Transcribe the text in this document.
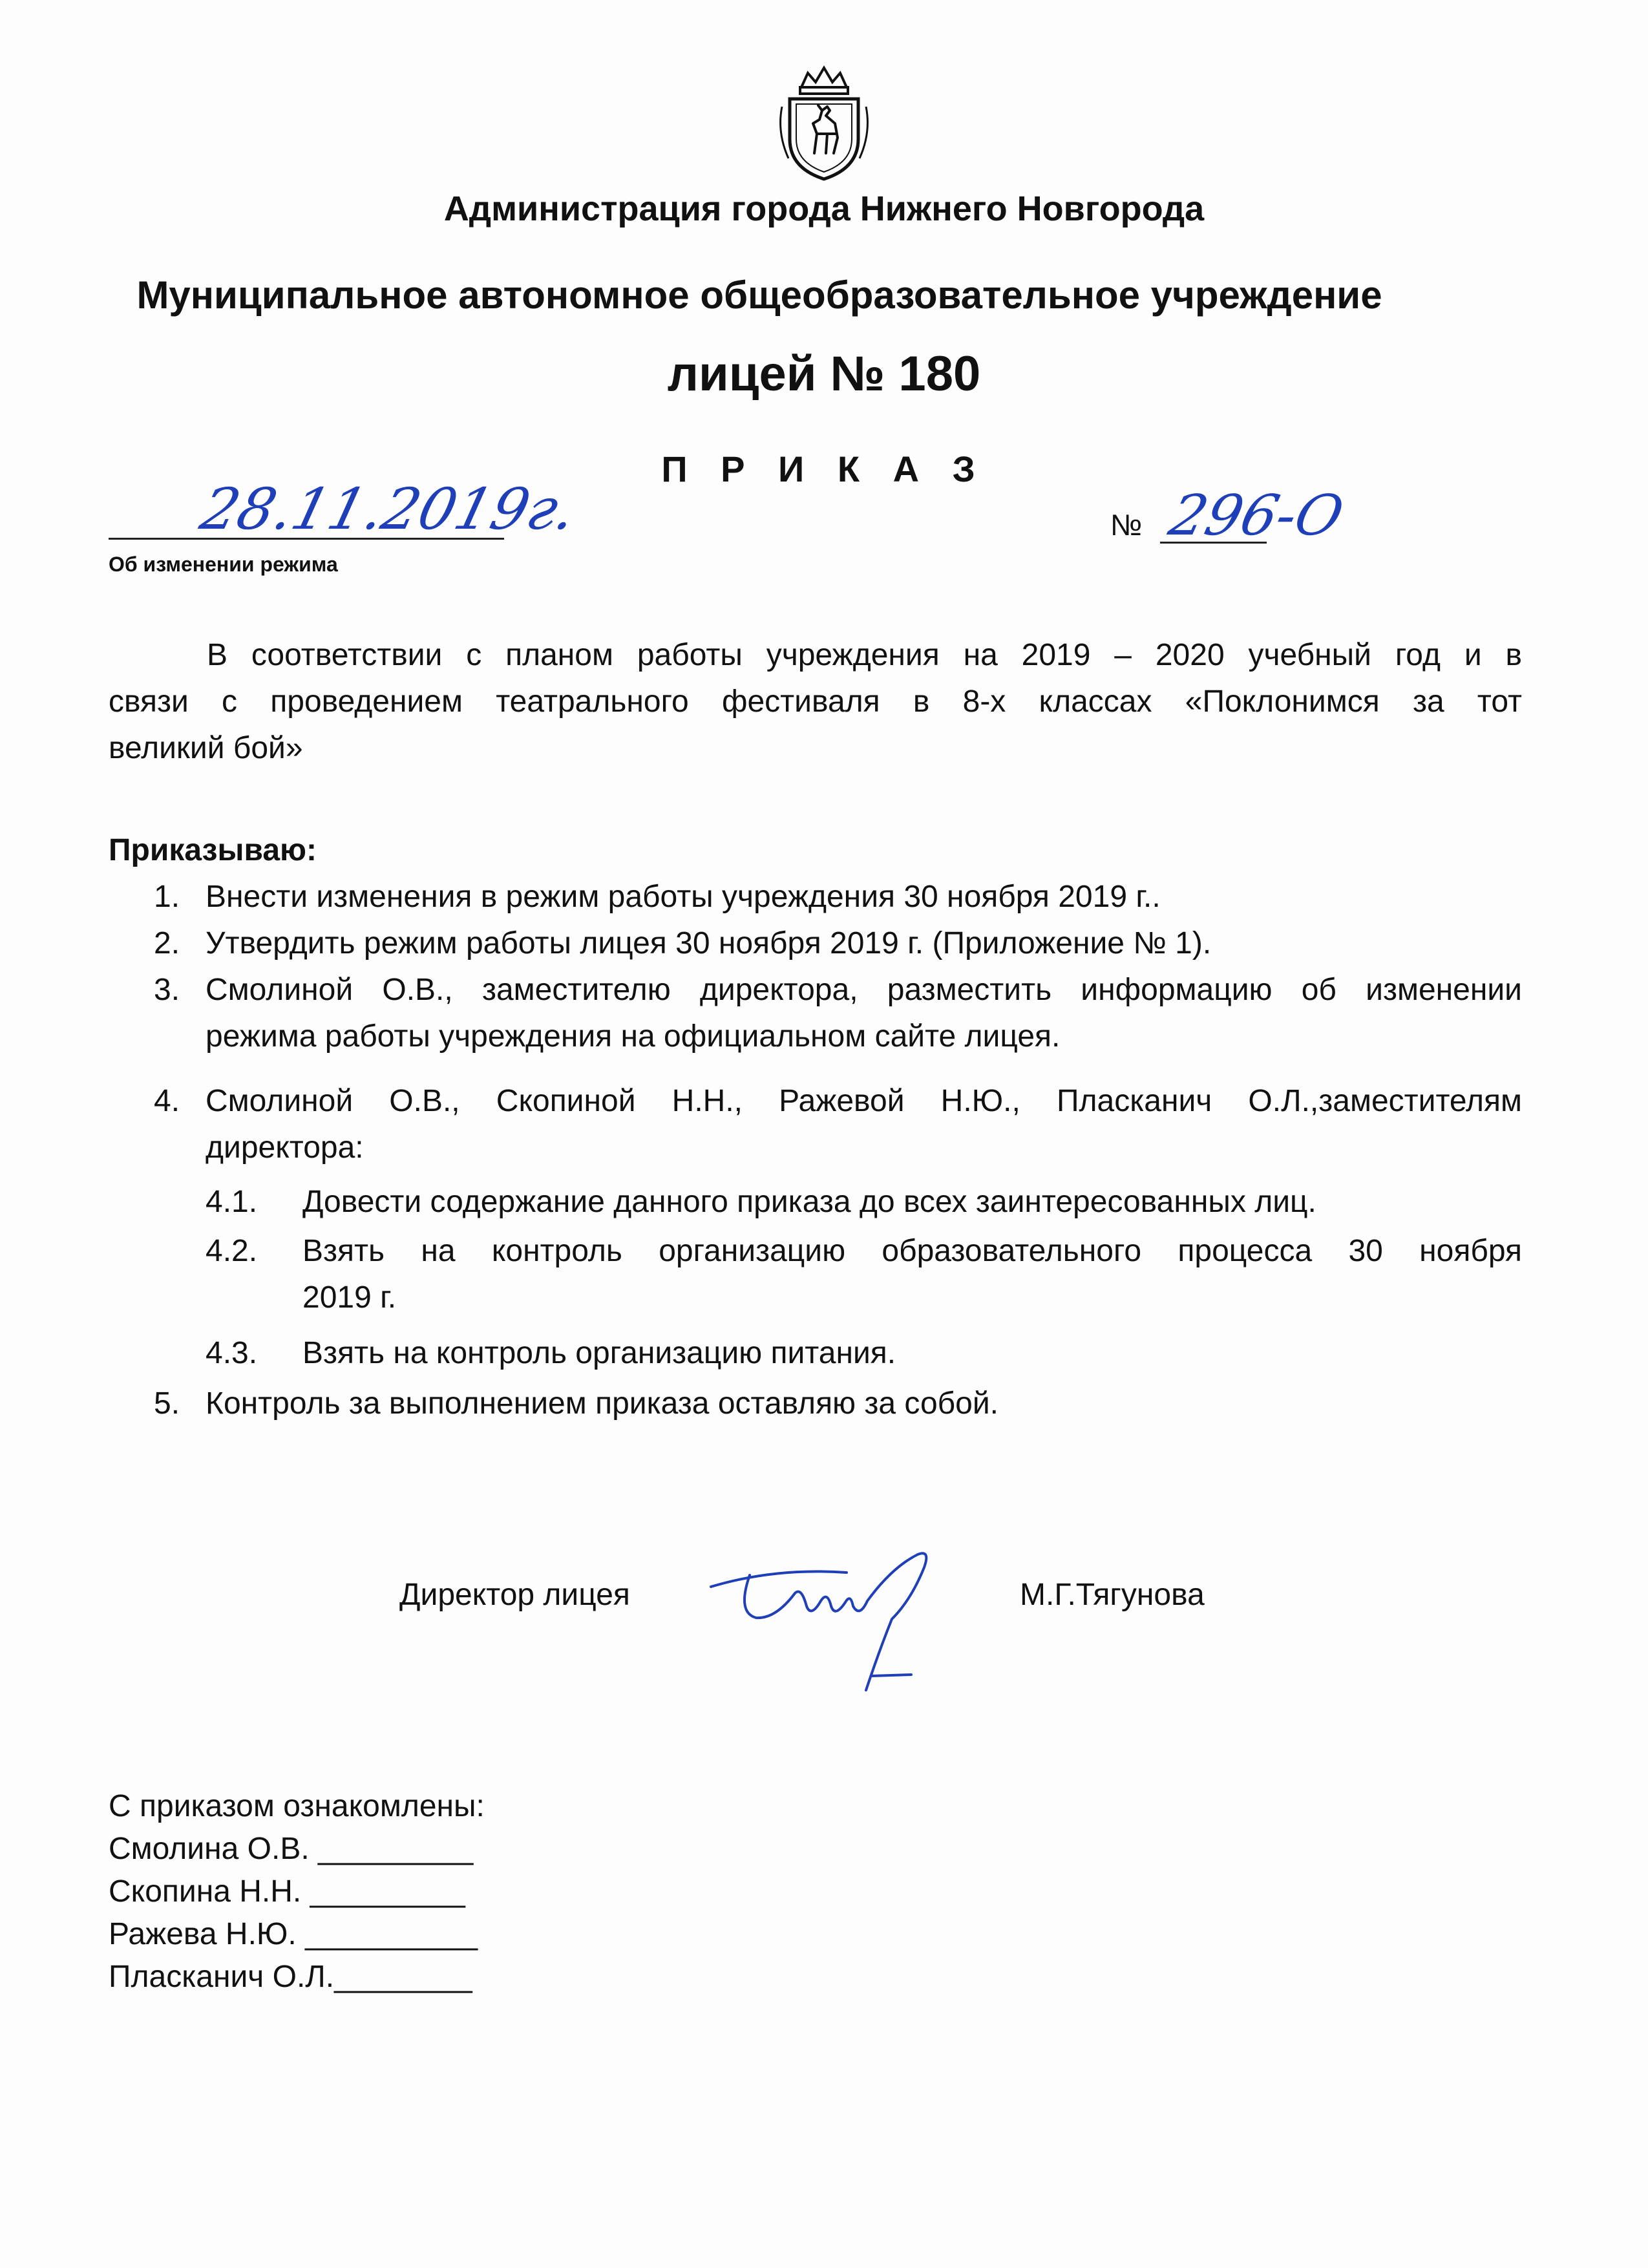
Администрация города Нижнего Новгорода
Муниципальное автономное общеобразовательное учреждение
лицей № 180
П Р И К А З
28.11.2019г.	№ 296-О
Об изменении режима
В соответствии с планом работы учреждения на 2019 – 2020 учебный год и в
связи с проведением театрального фестиваля в 8-х классах «Поклонимся за тот
великий бой»
Приказываю:
1. Внести изменения в режим работы учреждения 30 ноября 2019 г..
2. Утвердить режим работы лицея 30 ноября 2019 г. (Приложение № 1).
3. Смолиной О.В., заместителю директора, разместить информацию об изменении
режима работы учреждения на официальном сайте лицея.
4. Смолиной О.В., Скопиной Н.Н., Ражевой Н.Ю., Пласканич О.Л.,заместителям
директора:
4.1. Довести содержание данного приказа до всех заинтересованных лиц.
4.2. Взять на контроль организацию образовательного процесса 30 ноября
2019 г.
4.3. Взять на контроль организацию питания.
5. Контроль за выполнением приказа оставляю за собой.
Директор лицея	М.Г.Тягунова
С приказом ознакомлены:
Смолина О.В. _________
Скопина Н.Н. _________
Ражева Н.Ю. __________
Пласканич О.Л.________
